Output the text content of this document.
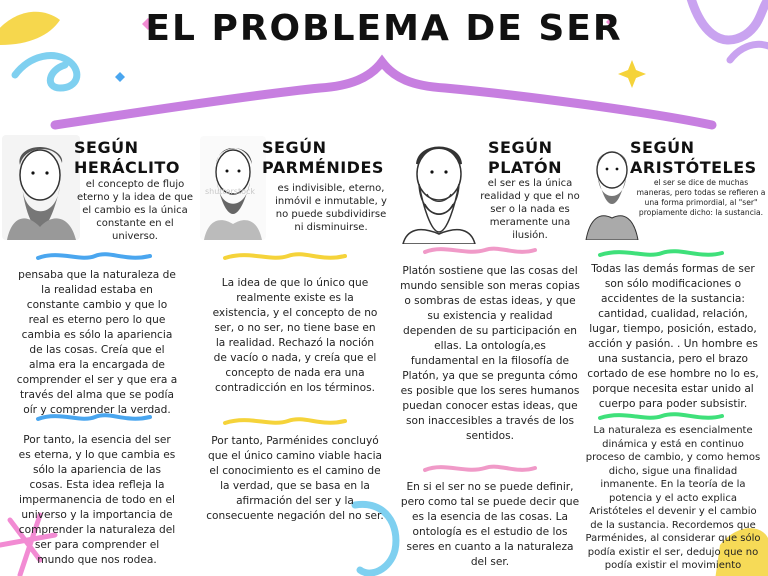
EL PROBLEMA DE SER
shutterstock
SEGÚN
HERÁCLITO
el concepto de flujo eterno y la idea de que el cambio es la única constante en el universo.
pensaba que la naturaleza de la realidad estaba en constante cambio y que lo real es eterno pero lo que cambia es sólo la apariencia de las cosas. Creía que el alma era la encargada de comprender el ser y que era a través del alma que se podía oír y comprender la verdad.
Por tanto, la esencia del ser es eterna, y lo que cambia es sólo la apariencia de las cosas. Esta idea refleja la impermanencia de todo en el universo y la importancia de comprender la naturaleza del ser para comprender el mundo que nos rodea.
SEGÚN
PARMÉNIDES
es indivisible, eterno, inmóvil e inmutable, y no puede subdividirse ni disminuirse.
La idea de que lo único que realmente existe es la existencia, y el concepto de no ser, o no ser, no tiene base en la realidad. Rechazó la noción de vacío o nada, y creía que el concepto de nada era una contradicción en los términos.
Por tanto, Parménides concluyó que el único camino viable hacia el conocimiento es el camino de la verdad, que se basa en la afirmación del ser y la consecuente negación del no ser.
SEGÚN
PLATÓN
el ser es la única realidad y que el no ser o la nada es meramente una ilusión.
Platón sostiene que las cosas del mundo sensible son meras copias o sombras de estas ideas, y que su existencia y realidad dependen de su participación en ellas. La ontología,es fundamental en la filosofía de Platón, ya que se pregunta cómo es posible que los seres humanos puedan conocer estas ideas, que son inaccesibles a través de los sentidos.
En si el ser no se puede definir, pero como tal se puede decir que es la esencia de las cosas. La ontología es el estudio de los seres en cuanto a la naturaleza del ser.
SEGÚN
ARISTÓTELES
el ser se dice de muchas maneras, pero todas se refieren a una forma primordial, al "ser" propiamente dicho: la sustancia.
Todas las demás formas de ser son sólo modificaciones o accidentes de la sustancia: cantidad, cualidad, relación, lugar, tiempo, posición, estado, acción y pasión. . Un hombre es una sustancia, pero el brazo cortado de ese hombre no lo es, porque necesita estar unido al cuerpo para poder subsistir.
La naturaleza es esencialmente dinámica y está en continuo proceso de cambio, y como hemos dicho, sigue una finalidad inmanente. En la teoría de la potencia y el acto explica Aristóteles el devenir y el cambio de la sustancia. Recordemos que Parménides, al considerar que sólo podía existir el ser, dedujo que no podía existir el movimiento
